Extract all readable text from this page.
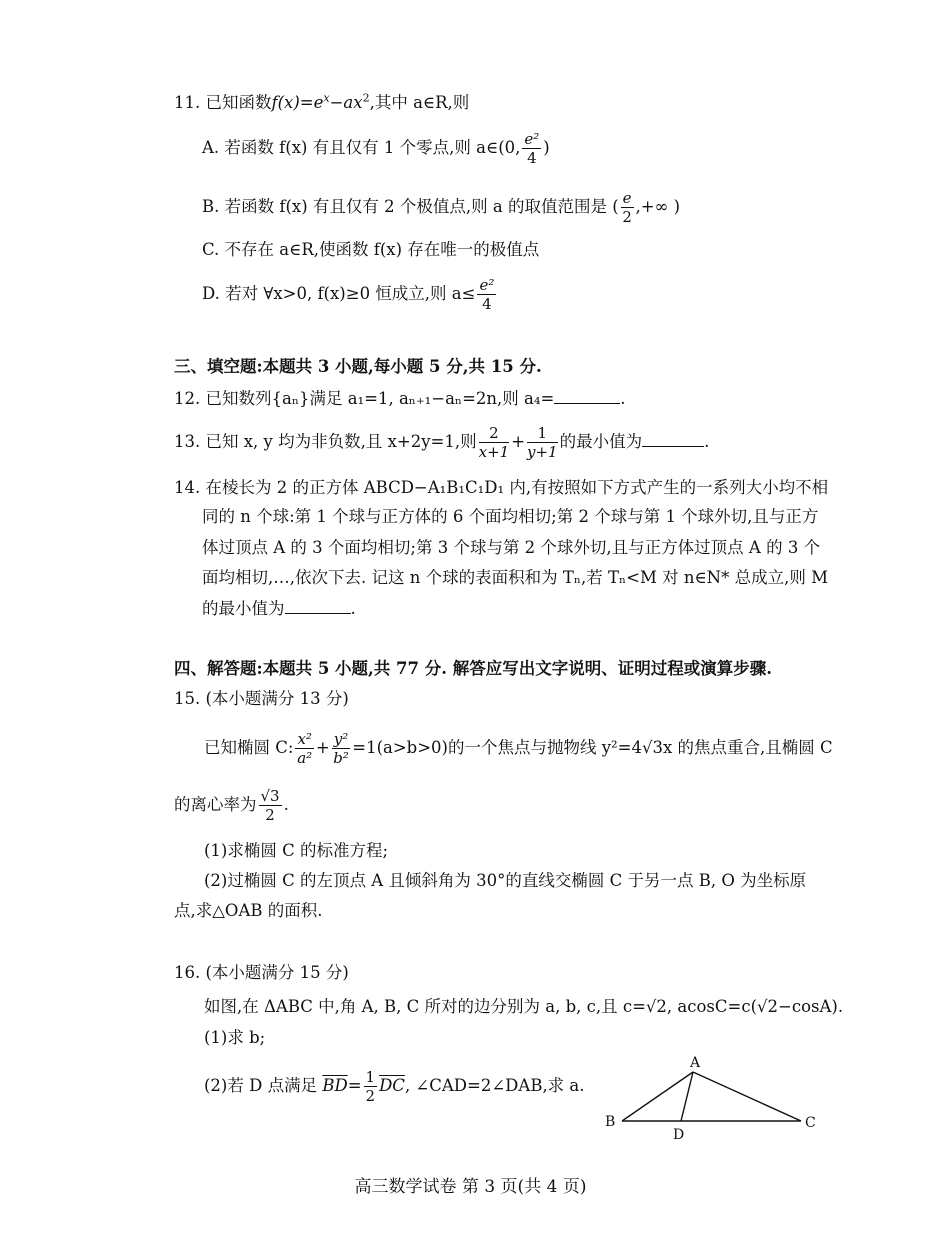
11. 已知函数$f(x)=e^x-ax^2$,其中 a∈R,则
A. 若函数 f(x) 有且仅有 1 个零点,则 a∈(0, $\frac{\text{e²}}{4}$ )
B. 若函数 f(x) 有且仅有 2 个极值点,则 a 的取值范围是 ( $\frac{e}{2}$ ,+∞ )
C. 不存在 a∈R,使函数 f(x) 存在唯一的极值点
D. 若对 ∀x>0, f(x)≥0 恒成立,则 $a\le \frac{\text{e²}}{4}$
三、填空题:本题共 3 小题,每小题 5 分,共 15 分.
12. 已知数列{aₙ}满足 a₁=1, aₙ₊₁−aₙ=2n,则 a₄=	.
13. 已知 x, y 均为非负数,且 x+2y=1,则 $\frac{2}{x+1} + \frac{1}{y+1}$ 的最小值为	.
14. 在棱长为 2 的正方体 ABCD−A₁B₁C₁D₁ 内,有按照如下方式产生的一系列大小均不相
同的 n 个球:第 1 个球与正方体的 6 个面均相切;第 2 个球与第 1 个球外切,且与正方
体过顶点 A 的 3 个面均相切;第 3 个球与第 2 个球外切,且与正方体过顶点 A 的 3 个
面均相切,…,依次下去. 记这 n 个球的表面积和为 Tₙ,若 Tₙ<M 对 n∈N* 总成立,则 M
的最小值为	.
四、解答题:本题共 5 小题,共 77 分. 解答应写出文字说明、证明过程或演算步骤.
15. (本小题满分 13 分)
已知椭圆 C: $\frac{\text{x²}}{\text{a²}} + \frac{\text{y²}}{\text{b²}} =1(a>b>0)$的一个焦点与抛物线 y²=4√3x 的焦点重合,且椭圆 C
的离心率为 $\frac{√3}{2}$ .
(1)求椭圆 C 的标准方程;
(2)过椭圆 C 的左顶点 A 且倾斜角为 30°的直线交椭圆 C 于另一点 B, O 为坐标原
点,求△OAB 的面积.
16. (本小题满分 15 分)
如图,在 ΔABC 中,角 A, B, C 所对的边分别为 a, b, c,且 c=√2, acosC=c(√2−cosA).
(1)求 b;
(2)若 D 点满足 $\overline{BD}= \frac{1}{2} \overline{DC}$, ∠CAD=2∠DAB,求 a.
A
B	C
D
高三数学试卷 第 3 页(共 4 页)
